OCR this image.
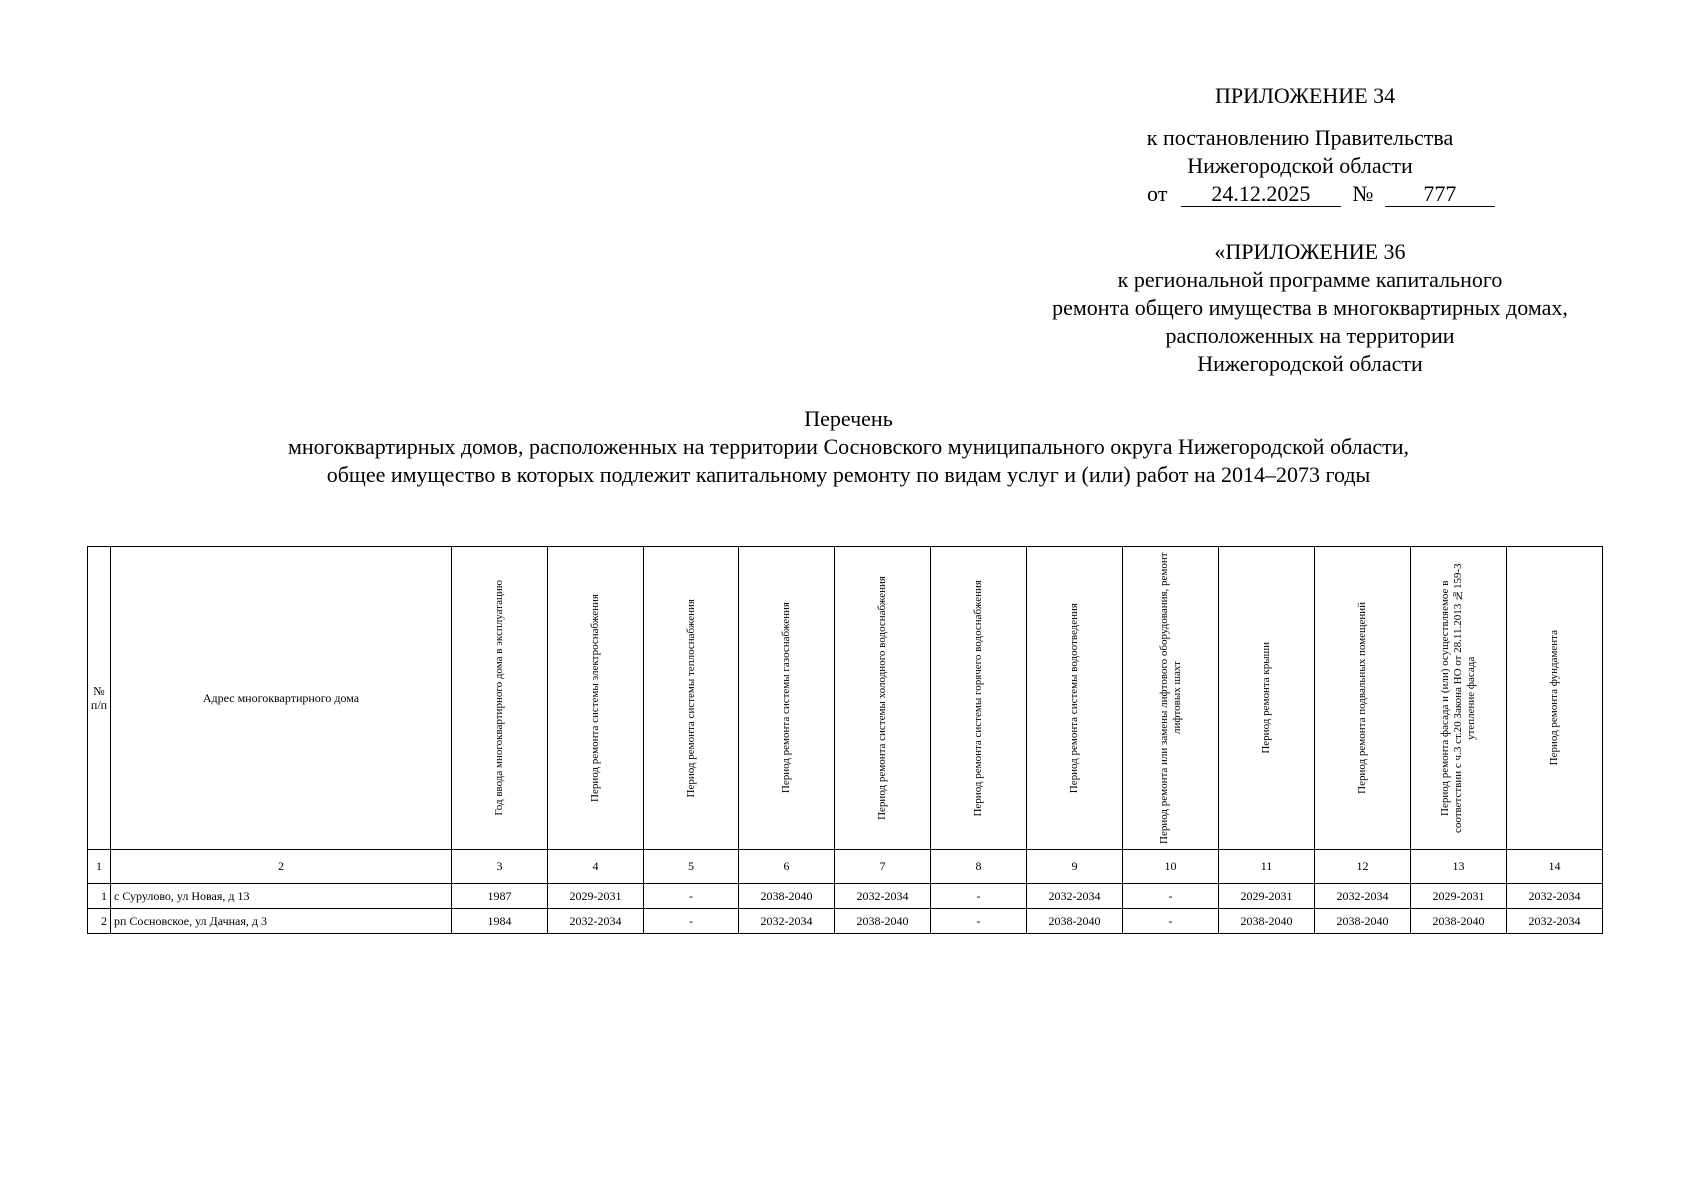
ПРИЛОЖЕНИЕ 34
к постановлению Правительства
Нижегородской области
от 24.12.2025 № 777
«ПРИЛОЖЕНИЕ 36
к региональной программе капитального
ремонта общего имущества в многоквартирных домах,
расположенных на территории
Нижегородской области
Перечень
многоквартирных домов, расположенных на территории Сосновского муниципального округа Нижегородской области,
общее имущество в которых подлежит капитальному ремонту по видам услуг и (или) работ на 2014–2073 годы
№ п/п	Адрес многоквартирного дома	Год ввода многоквартирного дома в эксплуатацию	Период ремонта системы электроснабжения	Период ремонта системы теплоснабжения	Период ремонта системы газоснабжения	Период ремонта системы холодного водоснабжения	Период ремонта системы горячего водоснабжения	Период ремонта системы водоотведения	Период ремонта или замены лифтового оборудования, ремонт лифтовых шахт	Период ремонта крыши	Период ремонта подвальных помещений	Период ремонта фасада и (или) осуществляемое в соответствии с ч.3 ст.20 Закона НО от 28.11.2013 №159-З утепление фасада	Период ремонта фундамента

1	2	3	4	5	6	7	8	9	10	11	12	13	14
1	с Сурулово, ул Новая, д 13	1987	2029-2031	-	2038-2040	2032-2034	-	2032-2034	-	2029-2031	2032-2034	2029-2031	2032-2034
2	рп Сосновское, ул Дачная, д 3	1984	2032-2034	-	2032-2034	2038-2040	-	2038-2040	-	2038-2040	2038-2040	2038-2040	2032-2034
